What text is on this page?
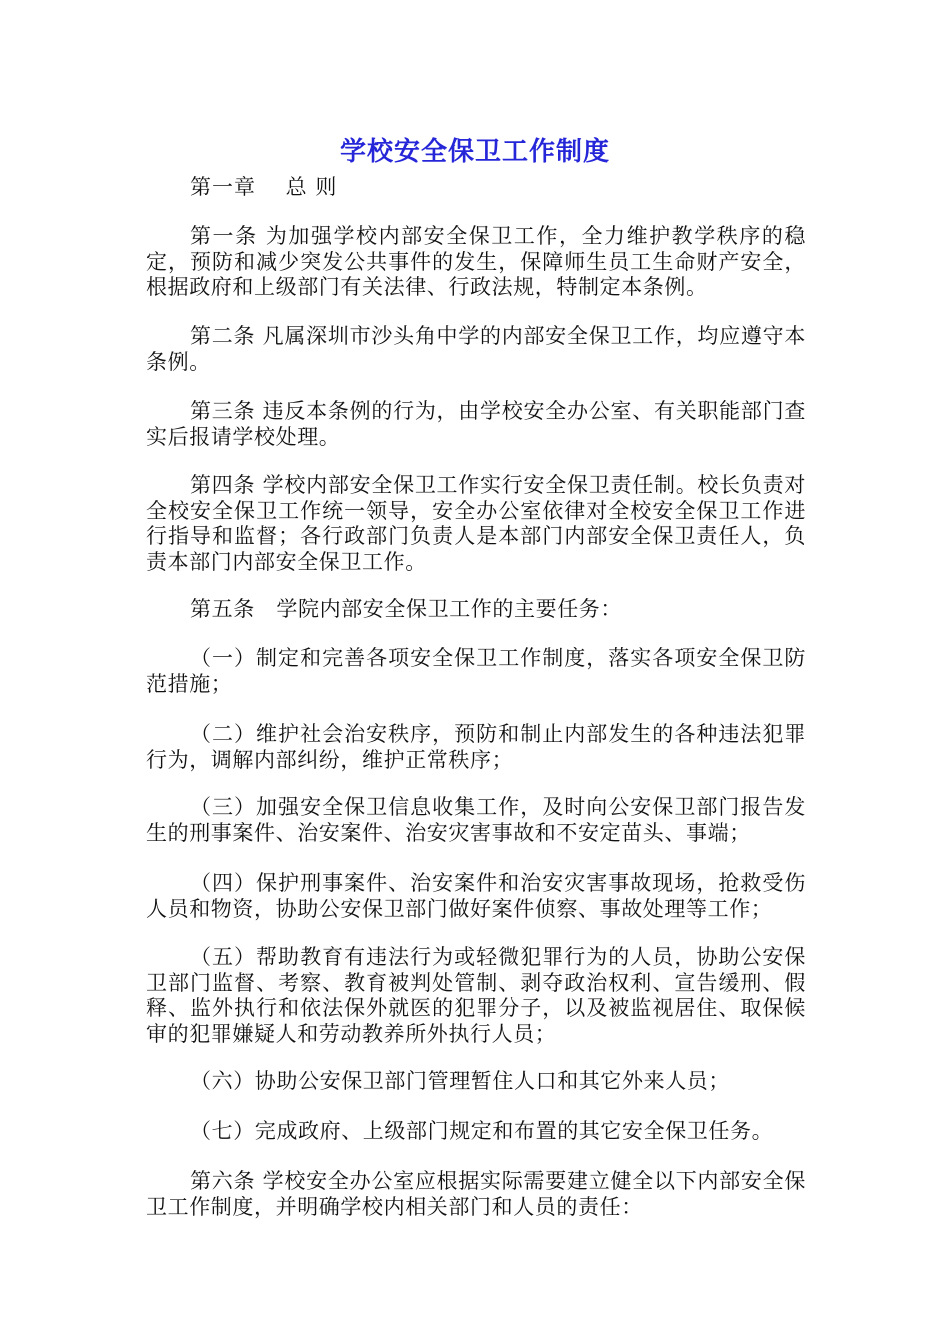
学校安全保卫工作制度
第一章　 总 则

第一条 为加强学校内部安全保卫工作，全力维护教学秩序的稳定，预防和减少突发公共事件的发生，保障师生员工生命财产安全，根据政府和上级部门有关法律、行政法规，特制定本条例。

第二条 凡属深圳市沙头角中学的内部安全保卫工作，均应遵守本条例。

第三条 违反本条例的行为，由学校安全办公室、有关职能部门查实后报请学校处理。

第四条 学校内部安全保卫工作实行安全保卫责任制。校长负责对全校安全保卫工作统一领导，安全办公室依律对全校安全保卫工作进行指导和监督；各行政部门负责人是本部门内部安全保卫责任人，负责本部门内部安全保卫工作。

第五条　学院内部安全保卫工作的主要任务：

（一）制定和完善各项安全保卫工作制度，落实各项安全保卫防范措施；

（二）维护社会治安秩序，预防和制止内部发生的各种违法犯罪行为，调解内部纠纷，维护正常秩序；

（三）加强安全保卫信息收集工作，及时向公安保卫部门报告发生的刑事案件、治安案件、治安灾害事故和不安定苗头、事端；

（四）保护刑事案件、治安案件和治安灾害事故现场，抢救受伤人员和物资，协助公安保卫部门做好案件侦察、事故处理等工作；

（五）帮助教育有违法行为或轻微犯罪行为的人员，协助公安保卫部门监督、考察、教育被判处管制、剥夺政治权利、宣告缓刑、假释、监外执行和依法保外就医的犯罪分子，以及被监视居住、取保候审的犯罪嫌疑人和劳动教养所外执行人员；

（六）协助公安保卫部门管理暂住人口和其它外来人员；

（七）完成政府、上级部门规定和布置的其它安全保卫任务。

第六条 学校安全办公室应根据实际需要建立健全以下内部安全保卫工作制度，并明确学校内相关部门和人员的责任：
